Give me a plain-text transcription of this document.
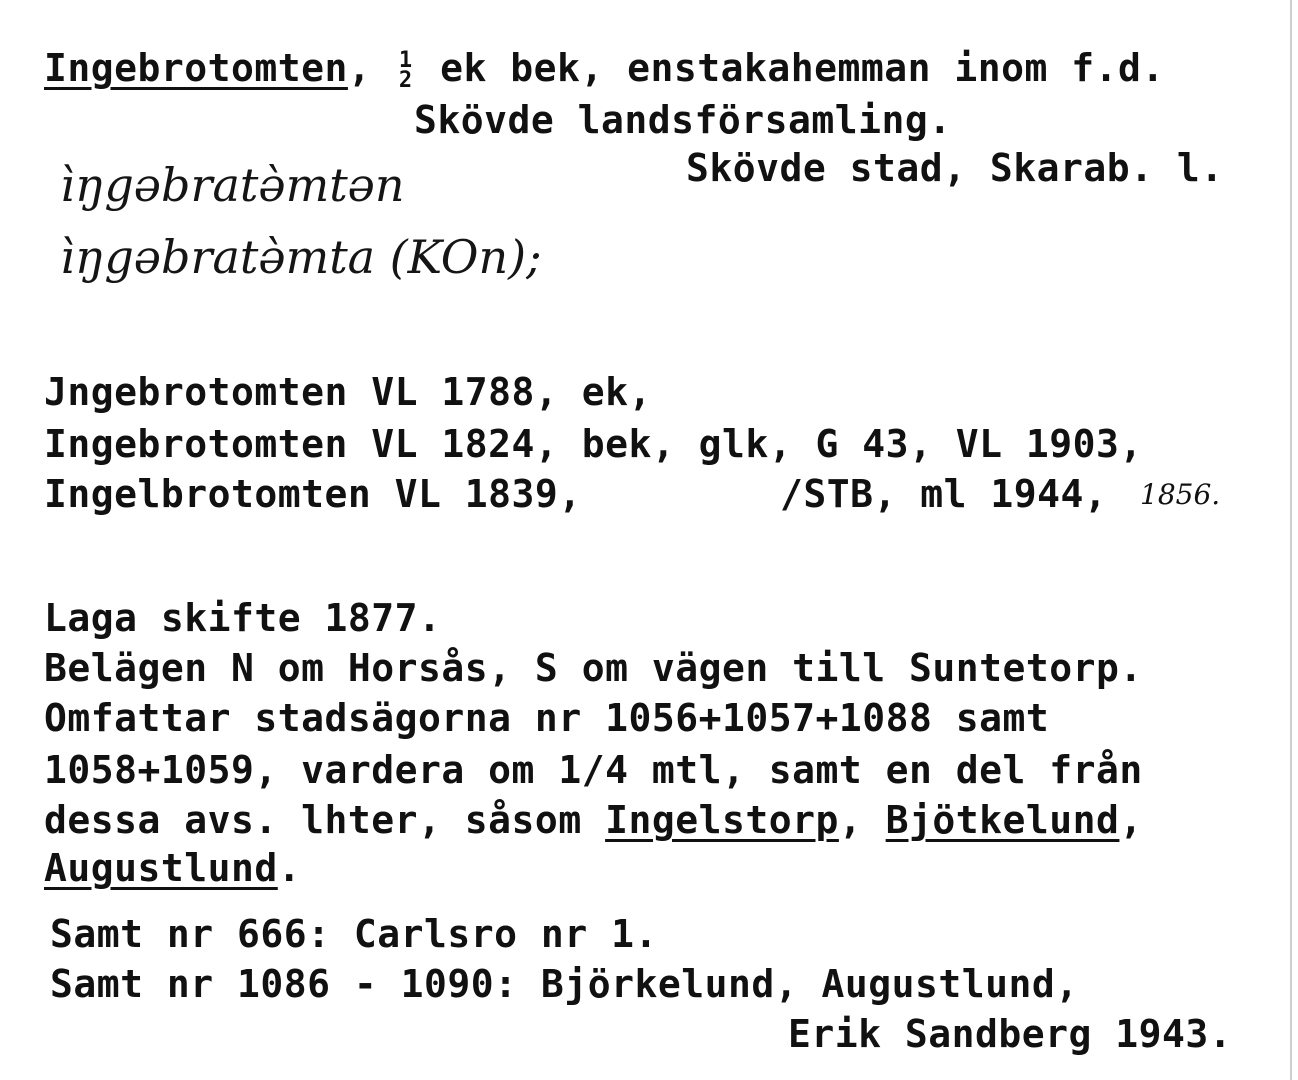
Ingebrotomten, 1
2 ek bek, enstakahemman inom f.d.
Skövde landsförsamling.
Skövde stad, Skarab. l.
ìŋgəbratə̀mtən
ìŋgəbratə̀mta (KOn);
Jngebrotomten VL 1788, ek,
Ingebrotomten VL 1824, bek, glk, G 43, VL 1903,
Ingelbrotomten VL 1839,	/STB, ml 1944, 1856.
Laga skifte 1877.
Belägen N om Horsås, S om vägen till Suntetorp.
Omfattar stadsägorna nr 1056+1057+1088 samt
1058+1059, vardera om 1/4 mtl, samt en del från
dessa avs. lhter, såsom Ingelstorp, Bjötkelund,
Augustlund.
Samt nr 666: Carlsro nr 1.
Samt nr 1086 - 1090: Björkelund, Augustlund,
Erik Sandberg 1943.
